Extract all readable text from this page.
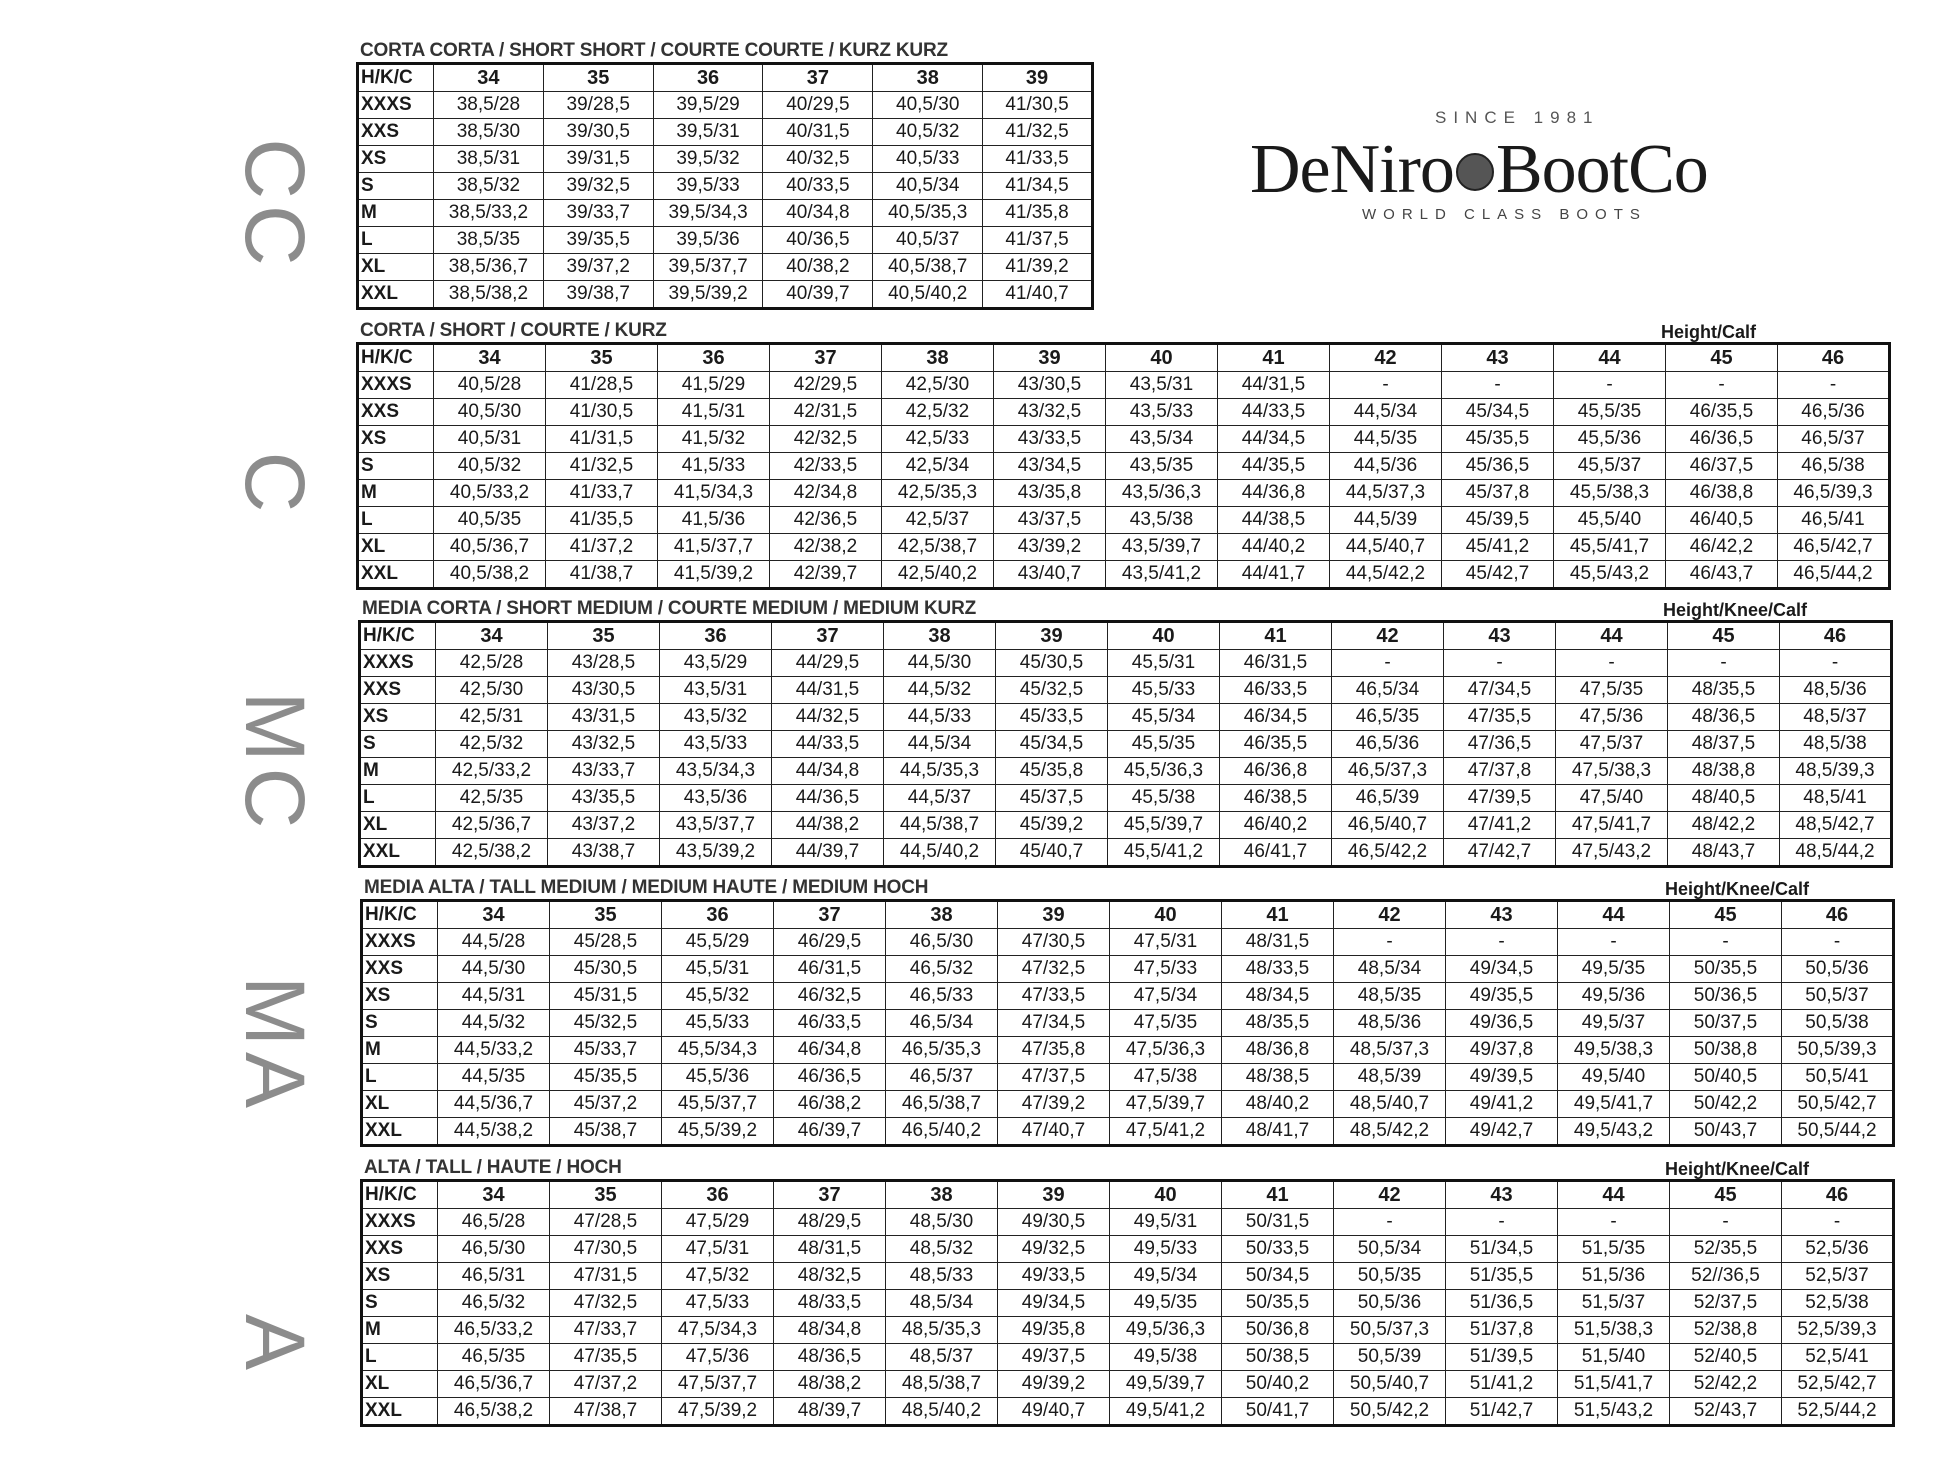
SINCE 1981
DeNiro BootCo
WORLD CLASS BOOTS
CC
C
MC
MA
A
CORTA CORTA / SHORT SHORT / COURTE COURTE / KURZ KURZ
H/K/C	34	35	36	37	38	39
XXXS	38,5/28	39/28,5	39,5/29	40/29,5	40,5/30	41/30,5
XXS	38,5/30	39/30,5	39,5/31	40/31,5	40,5/32	41/32,5
XS	38,5/31	39/31,5	39,5/32	40/32,5	40,5/33	41/33,5
S	38,5/32	39/32,5	39,5/33	40/33,5	40,5/34	41/34,5
M	38,5/33,2	39/33,7	39,5/34,3	40/34,8	40,5/35,3	41/35,8
L	38,5/35	39/35,5	39,5/36	40/36,5	40,5/37	41/37,5
XL	38,5/36,7	39/37,2	39,5/37,7	40/38,2	40,5/38,7	41/39,2
XXL	38,5/38,2	39/38,7	39,5/39,2	40/39,7	40,5/40,2	41/40,7
CORTA / SHORT / COURTE / KURZ	Height/Calf
H/K/C	34	35	36	37	38	39	40	41	42	43	44	45	46
XXXS	40,5/28	41/28,5	41,5/29	42/29,5	42,5/30	43/30,5	43,5/31	44/31,5	-	-	-	-	-
XXS	40,5/30	41/30,5	41,5/31	42/31,5	42,5/32	43/32,5	43,5/33	44/33,5	44,5/34	45/34,5	45,5/35	46/35,5	46,5/36
XS	40,5/31	41/31,5	41,5/32	42/32,5	42,5/33	43/33,5	43,5/34	44/34,5	44,5/35	45/35,5	45,5/36	46/36,5	46,5/37
S	40,5/32	41/32,5	41,5/33	42/33,5	42,5/34	43/34,5	43,5/35	44/35,5	44,5/36	45/36,5	45,5/37	46/37,5	46,5/38
M	40,5/33,2	41/33,7	41,5/34,3	42/34,8	42,5/35,3	43/35,8	43,5/36,3	44/36,8	44,5/37,3	45/37,8	45,5/38,3	46/38,8	46,5/39,3
L	40,5/35	41/35,5	41,5/36	42/36,5	42,5/37	43/37,5	43,5/38	44/38,5	44,5/39	45/39,5	45,5/40	46/40,5	46,5/41
XL	40,5/36,7	41/37,2	41,5/37,7	42/38,2	42,5/38,7	43/39,2	43,5/39,7	44/40,2	44,5/40,7	45/41,2	45,5/41,7	46/42,2	46,5/42,7
XXL	40,5/38,2	41/38,7	41,5/39,2	42/39,7	42,5/40,2	43/40,7	43,5/41,2	44/41,7	44,5/42,2	45/42,7	45,5/43,2	46/43,7	46,5/44,2
MEDIA CORTA / SHORT MEDIUM / COURTE MEDIUM / MEDIUM KURZ	Height/Knee/Calf
H/K/C	34	35	36	37	38	39	40	41	42	43	44	45	46
XXXS	42,5/28	43/28,5	43,5/29	44/29,5	44,5/30	45/30,5	45,5/31	46/31,5	-	-	-	-	-
XXS	42,5/30	43/30,5	43,5/31	44/31,5	44,5/32	45/32,5	45,5/33	46/33,5	46,5/34	47/34,5	47,5/35	48/35,5	48,5/36
XS	42,5/31	43/31,5	43,5/32	44/32,5	44,5/33	45/33,5	45,5/34	46/34,5	46,5/35	47/35,5	47,5/36	48/36,5	48,5/37
S	42,5/32	43/32,5	43,5/33	44/33,5	44,5/34	45/34,5	45,5/35	46/35,5	46,5/36	47/36,5	47,5/37	48/37,5	48,5/38
M	42,5/33,2	43/33,7	43,5/34,3	44/34,8	44,5/35,3	45/35,8	45,5/36,3	46/36,8	46,5/37,3	47/37,8	47,5/38,3	48/38,8	48,5/39,3
L	42,5/35	43/35,5	43,5/36	44/36,5	44,5/37	45/37,5	45,5/38	46/38,5	46,5/39	47/39,5	47,5/40	48/40,5	48,5/41
XL	42,5/36,7	43/37,2	43,5/37,7	44/38,2	44,5/38,7	45/39,2	45,5/39,7	46/40,2	46,5/40,7	47/41,2	47,5/41,7	48/42,2	48,5/42,7
XXL	42,5/38,2	43/38,7	43,5/39,2	44/39,7	44,5/40,2	45/40,7	45,5/41,2	46/41,7	46,5/42,2	47/42,7	47,5/43,2	48/43,7	48,5/44,2
MEDIA ALTA / TALL MEDIUM / MEDIUM HAUTE / MEDIUM HOCH	Height/Knee/Calf
H/K/C	34	35	36	37	38	39	40	41	42	43	44	45	46
XXXS	44,5/28	45/28,5	45,5/29	46/29,5	46,5/30	47/30,5	47,5/31	48/31,5	-	-	-	-	-
XXS	44,5/30	45/30,5	45,5/31	46/31,5	46,5/32	47/32,5	47,5/33	48/33,5	48,5/34	49/34,5	49,5/35	50/35,5	50,5/36
XS	44,5/31	45/31,5	45,5/32	46/32,5	46,5/33	47/33,5	47,5/34	48/34,5	48,5/35	49/35,5	49,5/36	50/36,5	50,5/37
S	44,5/32	45/32,5	45,5/33	46/33,5	46,5/34	47/34,5	47,5/35	48/35,5	48,5/36	49/36,5	49,5/37	50/37,5	50,5/38
M	44,5/33,2	45/33,7	45,5/34,3	46/34,8	46,5/35,3	47/35,8	47,5/36,3	48/36,8	48,5/37,3	49/37,8	49,5/38,3	50/38,8	50,5/39,3
L	44,5/35	45/35,5	45,5/36	46/36,5	46,5/37	47/37,5	47,5/38	48/38,5	48,5/39	49/39,5	49,5/40	50/40,5	50,5/41
XL	44,5/36,7	45/37,2	45,5/37,7	46/38,2	46,5/38,7	47/39,2	47,5/39,7	48/40,2	48,5/40,7	49/41,2	49,5/41,7	50/42,2	50,5/42,7
XXL	44,5/38,2	45/38,7	45,5/39,2	46/39,7	46,5/40,2	47/40,7	47,5/41,2	48/41,7	48,5/42,2	49/42,7	49,5/43,2	50/43,7	50,5/44,2
ALTA / TALL / HAUTE / HOCH	Height/Knee/Calf
H/K/C	34	35	36	37	38	39	40	41	42	43	44	45	46
XXXS	46,5/28	47/28,5	47,5/29	48/29,5	48,5/30	49/30,5	49,5/31	50/31,5	-	-	-	-	-
XXS	46,5/30	47/30,5	47,5/31	48/31,5	48,5/32	49/32,5	49,5/33	50/33,5	50,5/34	51/34,5	51,5/35	52/35,5	52,5/36
XS	46,5/31	47/31,5	47,5/32	48/32,5	48,5/33	49/33,5	49,5/34	50/34,5	50,5/35	51/35,5	51,5/36	52//36,5	52,5/37
S	46,5/32	47/32,5	47,5/33	48/33,5	48,5/34	49/34,5	49,5/35	50/35,5	50,5/36	51/36,5	51,5/37	52/37,5	52,5/38
M	46,5/33,2	47/33,7	47,5/34,3	48/34,8	48,5/35,3	49/35,8	49,5/36,3	50/36,8	50,5/37,3	51/37,8	51,5/38,3	52/38,8	52,5/39,3
L	46,5/35	47/35,5	47,5/36	48/36,5	48,5/37	49/37,5	49,5/38	50/38,5	50,5/39	51/39,5	51,5/40	52/40,5	52,5/41
XL	46,5/36,7	47/37,2	47,5/37,7	48/38,2	48,5/38,7	49/39,2	49,5/39,7	50/40,2	50,5/40,7	51/41,2	51,5/41,7	52/42,2	52,5/42,7
XXL	46,5/38,2	47/38,7	47,5/39,2	48/39,7	48,5/40,2	49/40,7	49,5/41,2	50/41,7	50,5/42,2	51/42,7	51,5/43,2	52/43,7	52,5/44,2
